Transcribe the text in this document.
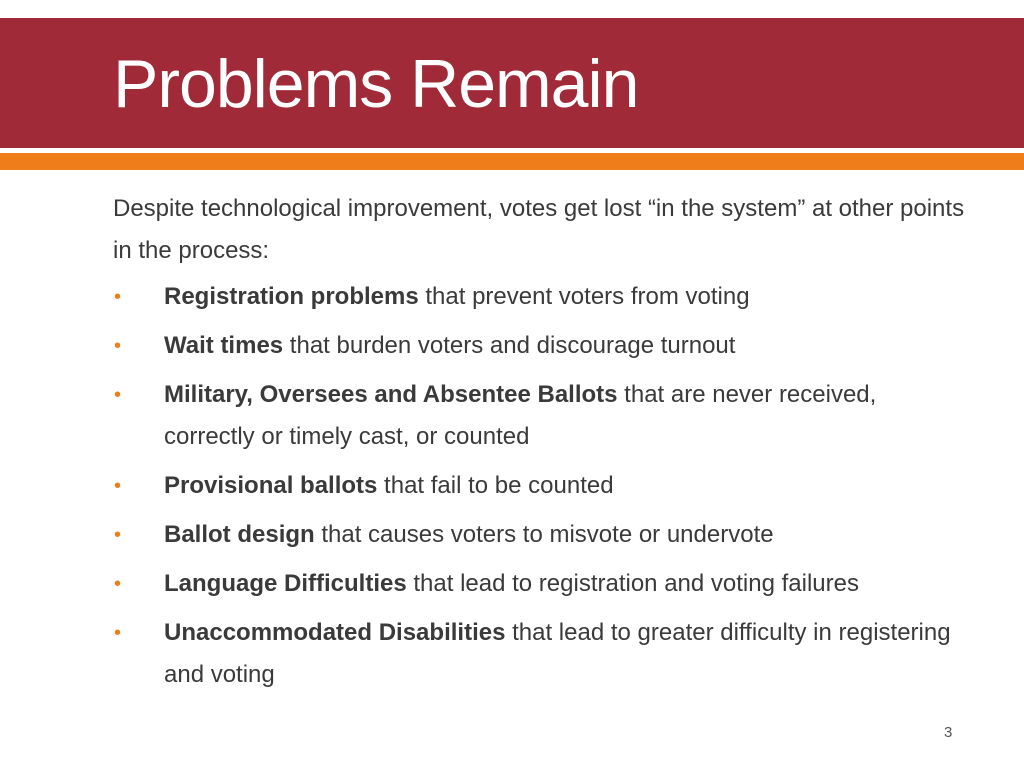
Problems Remain

Despite technological improvement, votes get lost “in the system” at other points in the process:

• Registration problems that prevent voters from voting
• Wait times that burden voters and discourage turnout
• Military, Oversees and Absentee Ballots that are never received, correctly or timely cast, or counted
• Provisional ballots that fail to be counted
• Ballot design that causes voters to misvote or undervote
• Language Difficulties that lead to registration and voting failures
• Unaccommodated Disabilities that lead to greater difficulty in registering and voting
3
